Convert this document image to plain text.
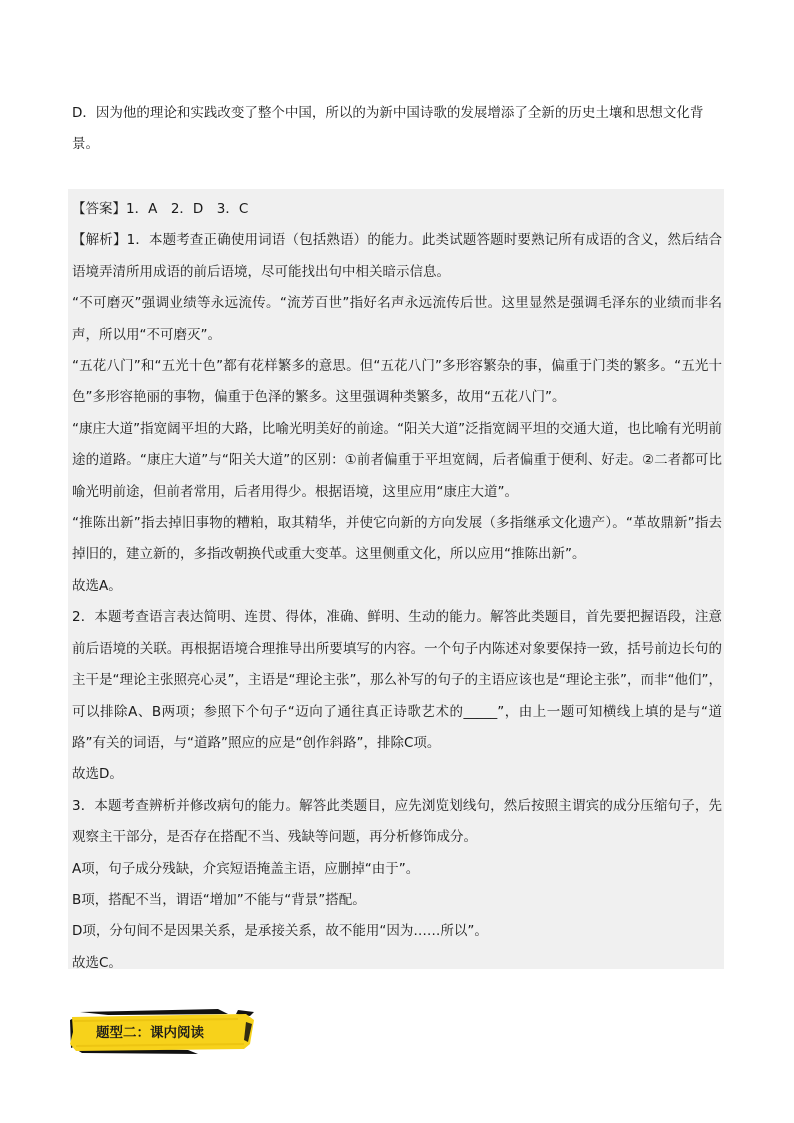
D．因为他的理论和实践改变了整个中国，所以的为新中国诗歌的发展增添了全新的历史土壤和思想文化背景。

【答案】1．A　2．D　3．C

【解析】1．本题考查正确使用词语（包括熟语）的能力。此类试题答题时要熟记所有成语的含义，然后结合语境弄清所用成语的前后语境，尽可能找出句中相关暗示信息。

“不可磨灭”强调业绩等永远流传。“流芳百世”指好名声永远流传后世。这里显然是强调毛泽东的业绩而非名声，所以用“不可磨灭”。

“五花八门”和“五光十色”都有花样繁多的意思。但“五花八门”多形容繁杂的事，偏重于门类的繁多。“五光十色”多形容艳丽的事物，偏重于色泽的繁多。这里强调种类繁多，故用“五花八门”。

“康庄大道”指宽阔平坦的大路，比喻光明美好的前途。“阳关大道”泛指宽阔平坦的交通大道，也比喻有光明前途的道路。“康庄大道”与“阳关大道”的区别：①前者偏重于平坦宽阔，后者偏重于便利、好走。②二者都可比喻光明前途，但前者常用，后者用得少。根据语境，这里应用“康庄大道”。

“推陈出新”指去掉旧事物的糟粕，取其精华，并使它向新的方向发展（多指继承文化遗产）。“革故鼎新”指去掉旧的，建立新的，多指改朝换代或重大变革。这里侧重文化，所以应用“推陈出新”。

故选A。

2．本题考查语言表达简明、连贯、得体，准确、鲜明、生动的能力。解答此类题目，首先要把握语段，注意前后语境的关联。再根据语境合理推导出所要填写的内容。一个句子内陈述对象要保持一致，括号前边长句的主干是“理论主张照亮心灵”，主语是“理论主张”，那么补写的句子的主语应该也是“理论主张”，而非“他们”，可以排除A、B两项；参照下个句子“迈向了通往真正诗歌艺术的_____”，由上一题可知横线上填的是与“道路”有关的词语，与“道路”照应的应是“创作斜路”，排除C项。

故选D。

3．本题考查辨析并修改病句的能力。解答此类题目，应先浏览划线句，然后按照主谓宾的成分压缩句子，先观察主干部分，是否存在搭配不当、残缺等问题，再分析修饰成分。

A项，句子成分残缺，介宾短语掩盖主语，应删掉“由于”。

B项，搭配不当，谓语“增加”不能与“背景”搭配。

D项，分句间不是因果关系，是承接关系，故不能用“因为……所以”。

故选C。

题型二：课内阅读
